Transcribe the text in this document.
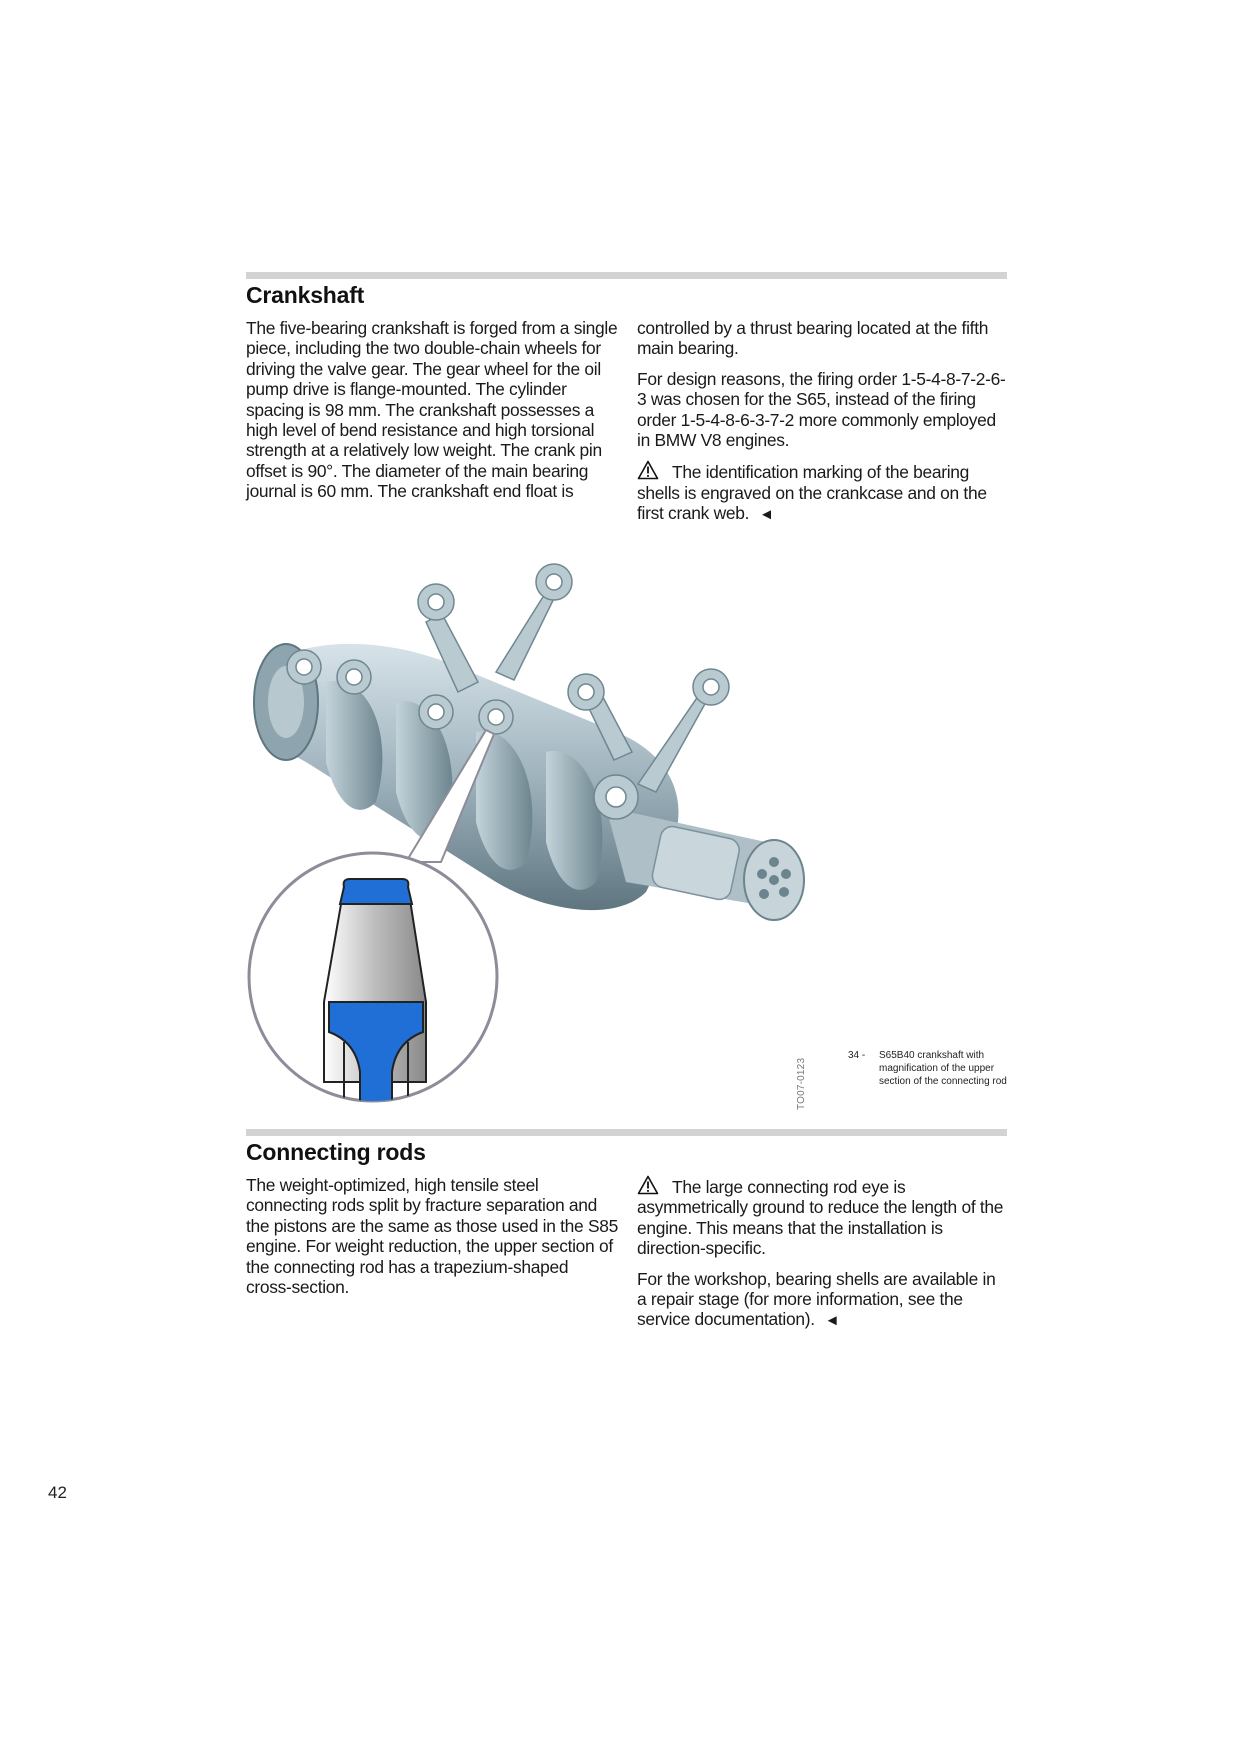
Crankshaft

The five-bearing crankshaft is forged from a single piece, including the two double-chain wheels for driving the valve gear. The gear wheel for the oil pump drive is flange-mounted. The cylinder spacing is 98 mm. The crankshaft possesses a high level of bend resistance and high torsional strength at a relatively low weight. The crank pin offset is 90°. The diameter of the main bearing journal is 60 mm. The crankshaft end float is

controlled by a thrust bearing located at the fifth main bearing.

For design reasons, the firing order 1-5-4-8-7-2-6-3 was chosen for the S65, instead of the firing order 1-5-4-8-6-3-7-2 more commonly employed in BMW V8 engines.

The identification marking of the bearing shells is engraved on the crankcase and on the first crank web. ◄

TO07-0123
34 - S65B40 crankshaft with magnification of the upper section of the connecting rod
Connecting rods

The weight-optimized, high tensile steel connecting rods split by fracture separation and the pistons are the same as those used in the S85 engine. For weight reduction, the upper section of the connecting rod has a trapezium-shaped cross-section.

The large connecting rod eye is asymmetrically ground to reduce the length of the engine. This means that the installation is direction-specific.

For the workshop, bearing shells are available in a repair stage (for more information, see the service documentation). ◄

42
